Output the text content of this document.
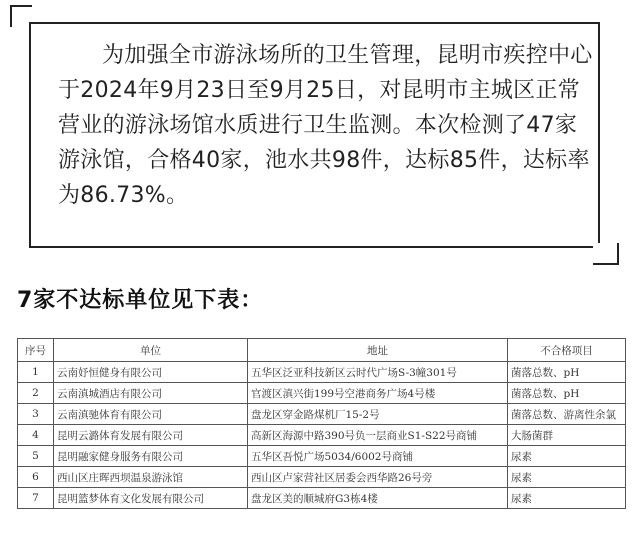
为加强全市游泳场所的卫生管理，昆明市疾控中心于2024年9月23日至9月25日，对昆明市主城区正常营业的游泳场馆水质进行卫生监测。本次检测了47家游泳馆，合格40家，池水共98件，达标85件，达标率为86.73%。

7家不达标单位见下表：
序号	单位	地址	不合格项目
1	云南妤恒健身有限公司	五华区泛亚科技新区云时代广场S-3幢301号	菌落总数、pH
2	云南滇城酒店有限公司	官渡区滇兴街199号空港商务广场4号楼	菌落总数、pH
3	云南滇驰体育有限公司	盘龙区穿金路煤机厂15-2号	菌落总数、游离性余氯
4	昆明云潞体育发展有限公司	高新区海源中路390号负一层商业S1-S22号商铺	大肠菌群
5	昆明融家健身服务有限公司	五华区吾悦广场5034/6002号商铺	尿素
6	西山区庄晖西坝温泉游泳馆	西山区卢家营社区居委会西华路26号旁	尿素
7	昆明篮梦体育文化发展有限公司	盘龙区美的顺城府G3栋4楼	尿素
